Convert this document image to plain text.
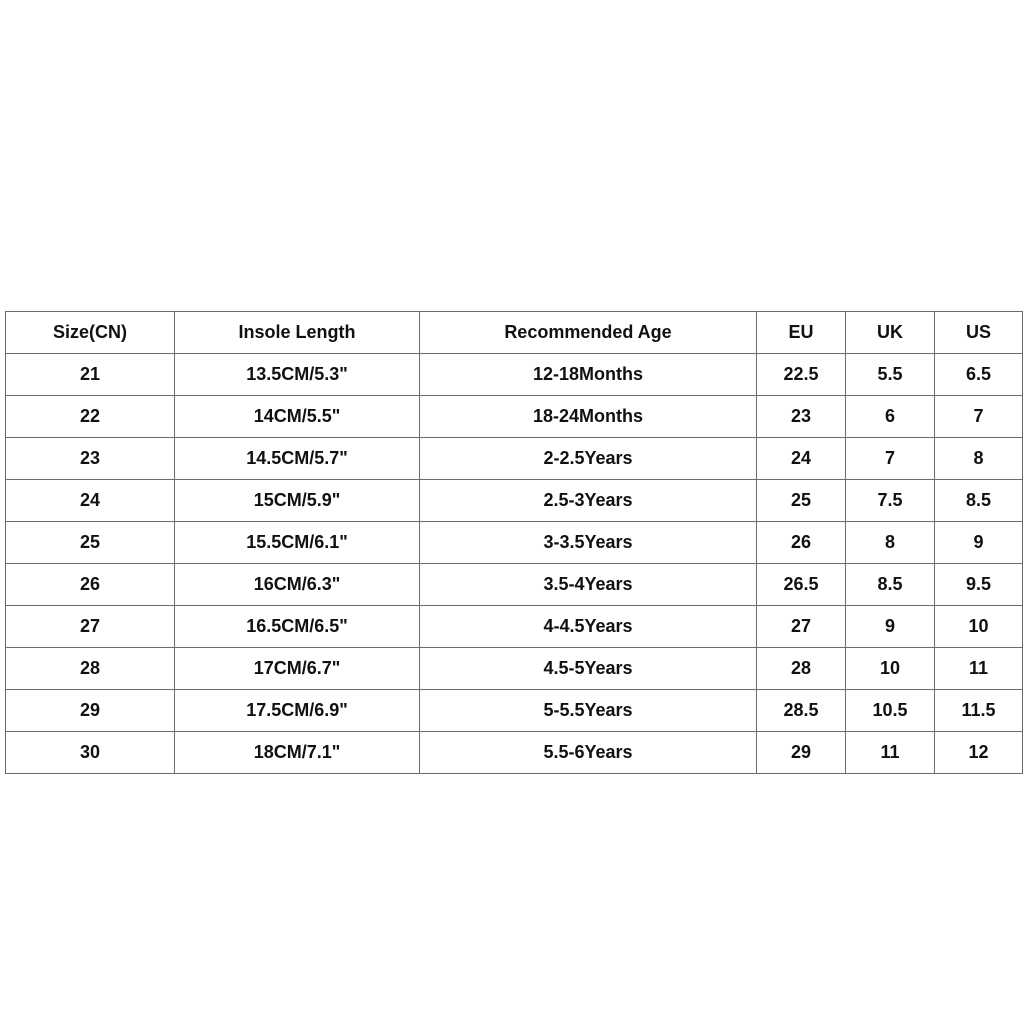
Size(CN)	Insole Length	Recommended Age	EU	UK	US
21	13.5CM/5.3"	12-18Months	22.5	5.5	6.5
22	14CM/5.5"	18-24Months	23	6	7
23	14.5CM/5.7"	2-2.5Years	24	7	8
24	15CM/5.9"	2.5-3Years	25	7.5	8.5
25	15.5CM/6.1"	3-3.5Years	26	8	9
26	16CM/6.3"	3.5-4Years	26.5	8.5	9.5
27	16.5CM/6.5"	4-4.5Years	27	9	10
28	17CM/6.7"	4.5-5Years	28	10	11
29	17.5CM/6.9"	5-5.5Years	28.5	10.5	11.5
30	18CM/7.1"	5.5-6Years	29	11	12
